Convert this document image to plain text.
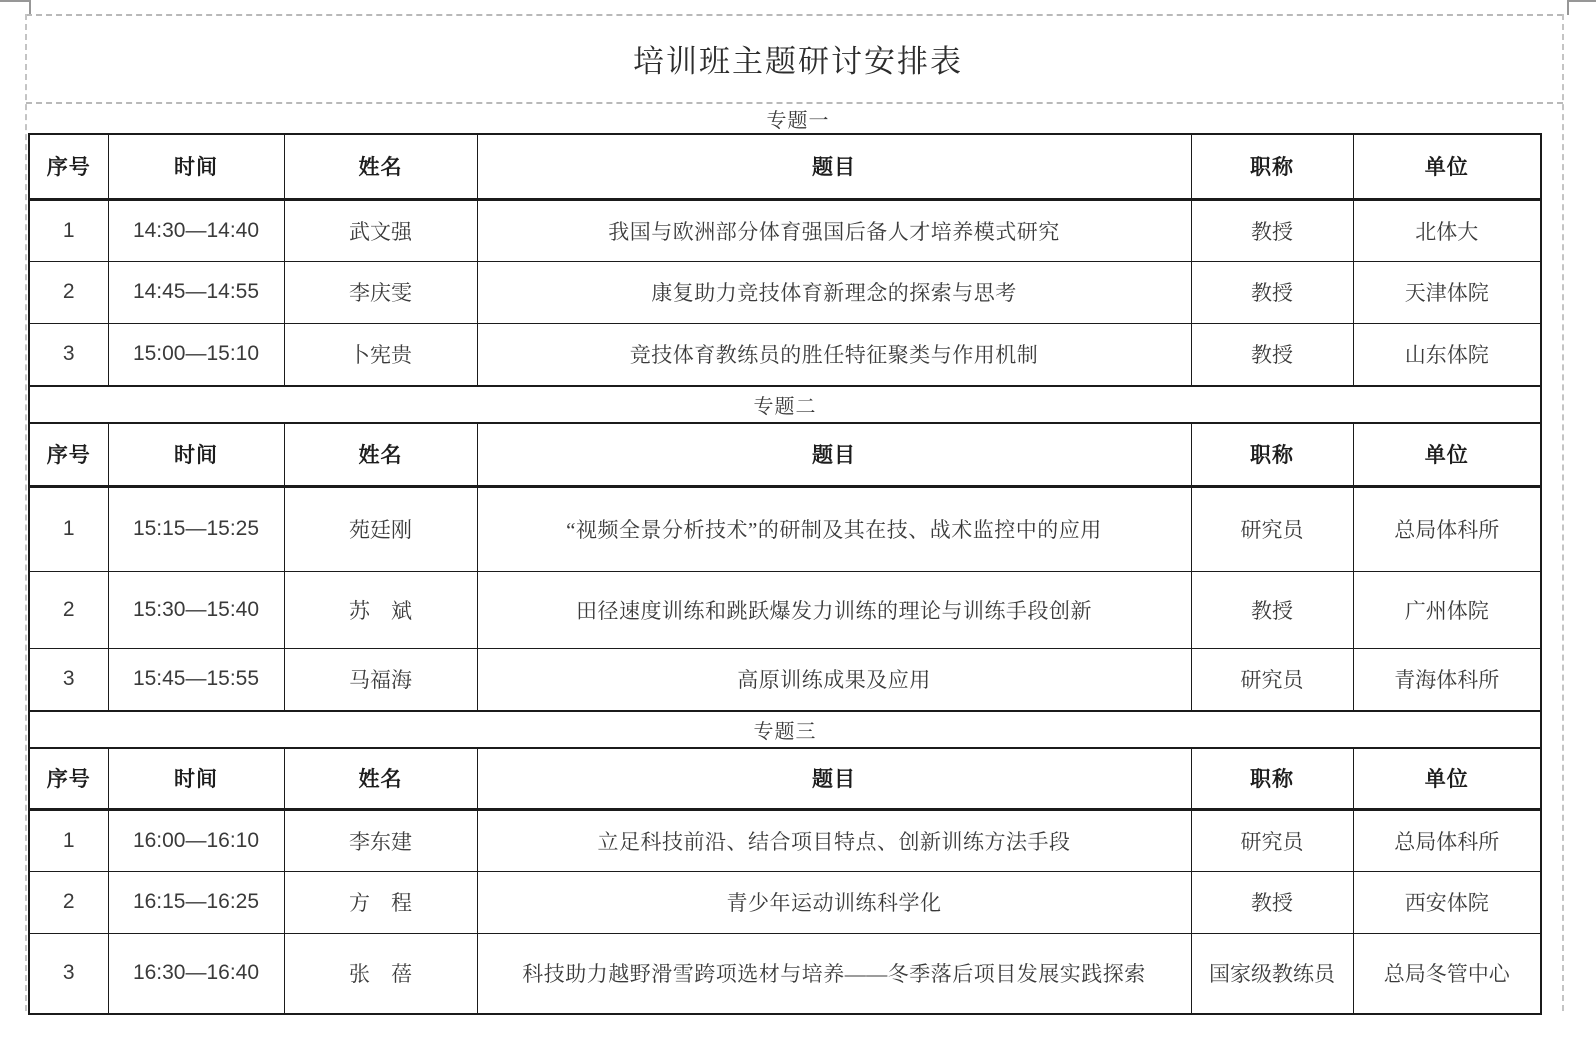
培训班主题研讨安排表
专题一
序号	时间	姓名	题目	职称	单位
1	14:30—14:40	武文强	我国与欧洲部分体育强国后备人才培养模式研究	教授	北体大
2	14:45—14:55	李庆雯	康复助力竞技体育新理念的探索与思考	教授	天津体院
3	15:00—15:10	卜宪贵	竞技体育教练员的胜任特征聚类与作用机制	教授	山东体院
专题二					
序号	时间	姓名	题目	职称	单位
1	15:15—15:25	苑廷刚	“视频全景分析技术”的研制及其在技、战术监控中的应用	研究员	总局体科所
2	15:30—15:40	苏　斌	田径速度训练和跳跃爆发力训练的理论与训练手段创新	教授	广州体院
3	15:45—15:55	马福海	高原训练成果及应用	研究员	青海体科所
专题三					
序号	时间	姓名	题目	职称	单位
1	16:00—16:10	李东建	立足科技前沿、结合项目特点、创新训练方法手段	研究员	总局体科所
2	16:15—16:25	方　程	青少年运动训练科学化	教授	西安体院
3	16:30—16:40	张　蓓	科技助力越野滑雪跨项选材与培养——冬季落后项目发展实践探索	国家级教练员	总局冬管中心
